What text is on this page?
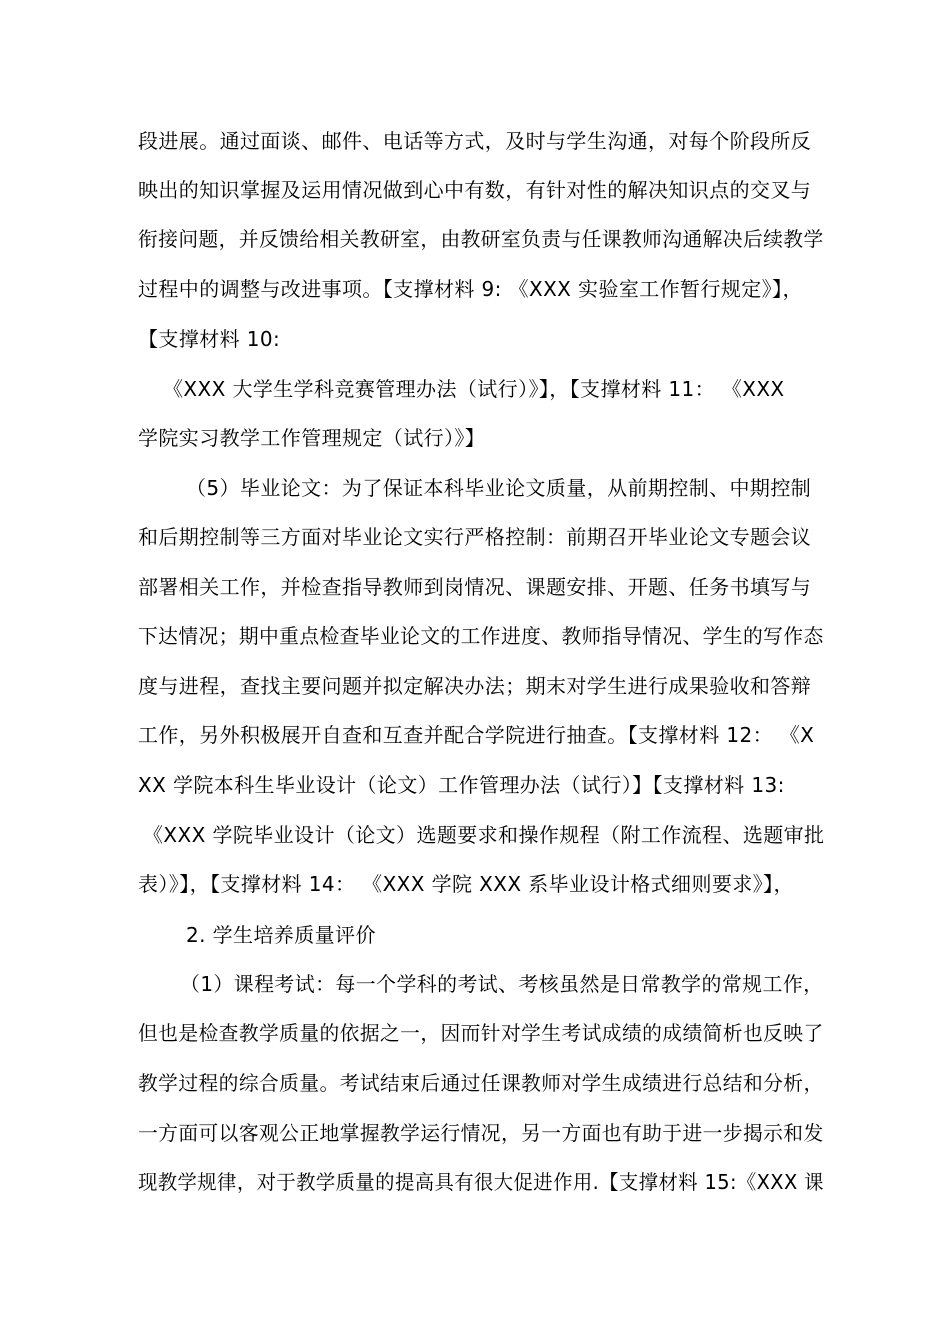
段进展。通过面谈、邮件、电话等方式，及时与学生沟通，对每个阶段所反
映出的知识掌握及运用情况做到心中有数，有针对性的解决知识点的交叉与
衔接问题，并反馈给相关教研室，由教研室负责与任课教师沟通解决后续教学
过程中的调整与改进事项。【支撑材料 9: 《XXX 实验室工作暂行规定》】，
【支撑材料 10:
《XXX 大学生学科竞赛管理办法（试行）》】，【支撑材料 11： 《XXX
学院实习教学工作管理规定（试行）》】
（5）毕业论文：为了保证本科毕业论文质量，从前期控制、中期控制
和后期控制等三方面对毕业论文实行严格控制：前期召开毕业论文专题会议
部署相关工作，并检查指导教师到岗情况、课题安排、开题、任务书填写与
下达情况；期中重点检查毕业论文的工作进度、教师指导情况、学生的写作态
度与进程，查找主要问题并拟定解决办法；期末对学生进行成果验收和答辩
工作，另外积极展开自查和互查并配合学院进行抽查。【支撑材料 12： 《X
XX 学院本科生毕业设计（论文）工作管理办法（试行）】【支撑材料 13:
《XXX 学院毕业设计（论文）选题要求和操作规程（附工作流程、选题审批
表）》】，【支撑材料 14： 《XXX 学院 XXX 系毕业设计格式细则要求》】，
2. 学生培养质量评价
（1）课程考试：每一个学科的考试、考核虽然是日常教学的常规工作，
但也是检查教学质量的依据之一，因而针对学生考试成绩的成绩简析也反映了
教学过程的综合质量。考试结束后通过任课教师对学生成绩进行总结和分析，
一方面可以客观公正地掌握教学运行情况，另一方面也有助于进一步揭示和发
现教学规律，对于教学质量的提高具有很大促进作用.【支撑材料 15:《XXX 课
